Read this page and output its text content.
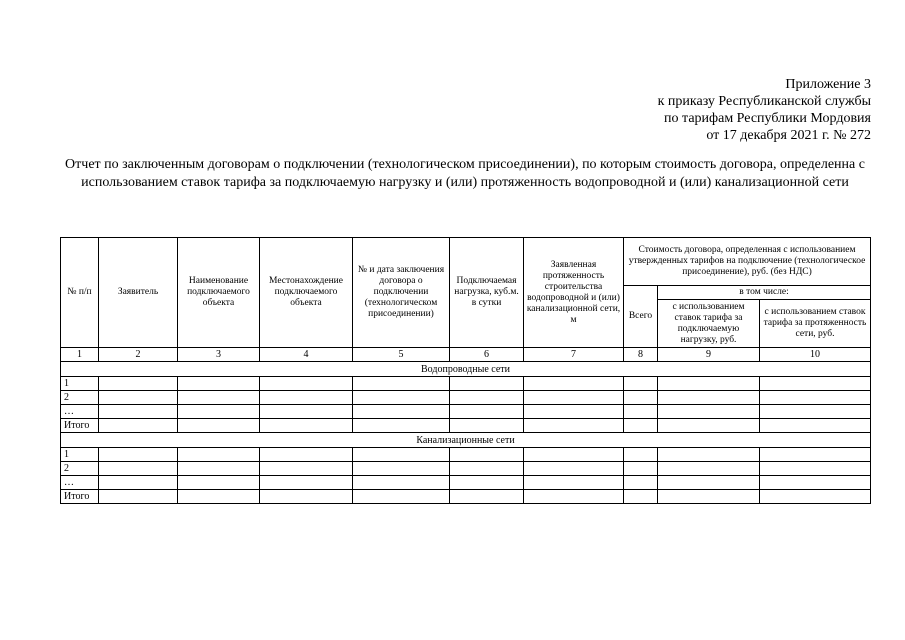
Приложение 3
к приказу Республиканской службы
по тарифам Республики Мордовия
от 17 декабря 2021 г. № 272
Отчет по заключенным договорам о подключении (технологическом присоединении), по которым стоимость договора, определенна с использованием ставок тарифа за подключаемую нагрузку и (или) протяженность водопроводной и (или) канализационной сети
№ п/п	Заявитель	Наименование подключаемого объекта	Местонахождение подключаемого объекта	№ и дата заключения договора о подключении (технологическом присоединении)	Подключаемая нагрузка, куб.м. в сутки	Заявленная протяженность строительства водопроводной и (или) канализационной сети, м	Стоимость договора, определенная с использованием утвержденных тарифов на подключение (технологическое присоединение), руб. (без НДС)		
							Всего	в том числе:	
								с использованием ставок тарифа за подключаемую нагрузку, руб.	с использованием ставок тарифа за протяженность сети, руб.
1	2	3	4	5	6	7	8	9	10
Водопроводные сети									
1									
2									
…									
Итого									
Канализационные сети									
1									
2									
…									
Итого									
